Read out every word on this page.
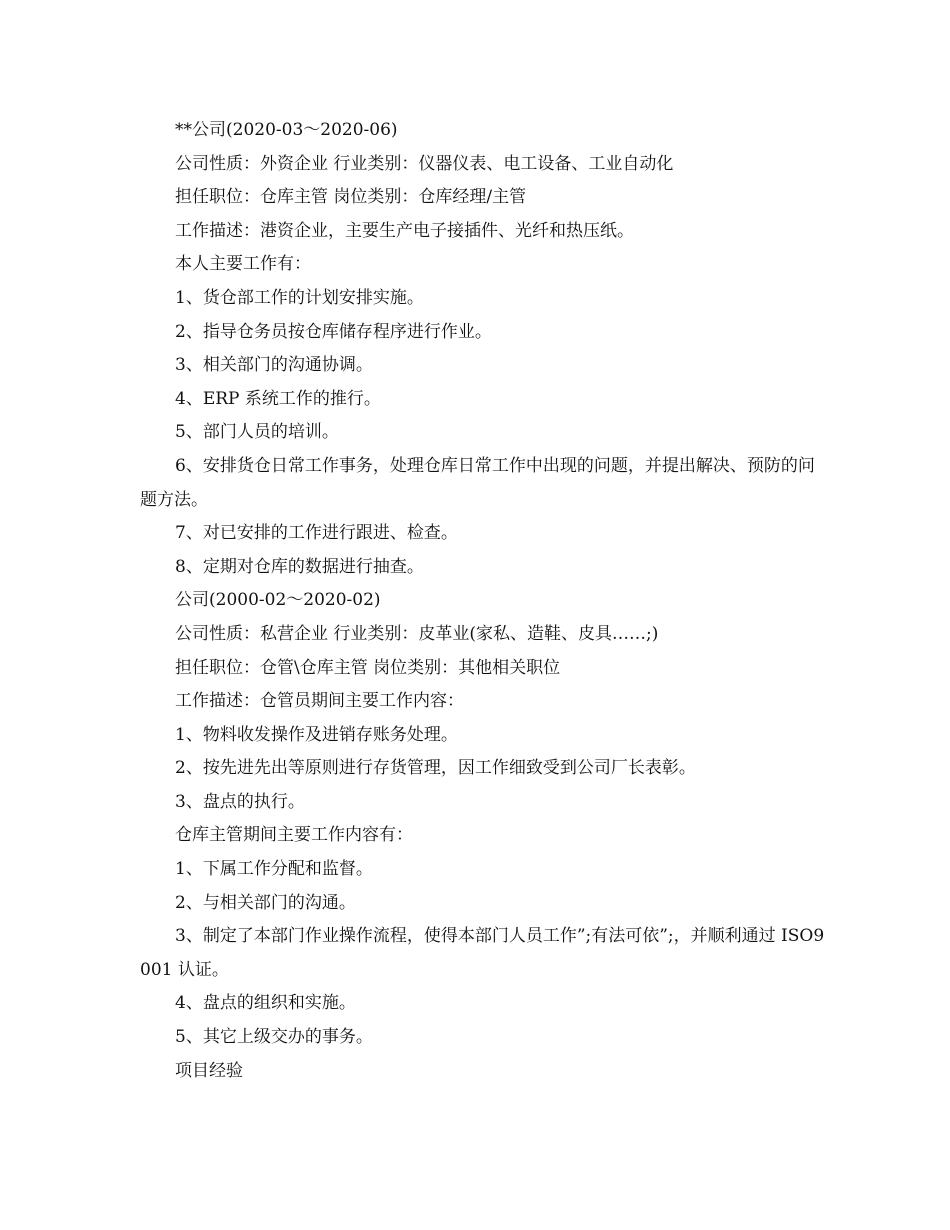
**公司(2020-03～2020-06)

公司性质：外资企业 行业类别：仪器仪表、电工设备、工业自动化

担任职位：仓库主管 岗位类别：仓库经理/主管

工作描述：港资企业，主要生产电子接插件、光纤和热压纸。

本人主要工作有：

1、货仓部工作的计划安排实施。

2、指导仓务员按仓库储存程序进行作业。

3、相关部门的沟通协调。

4、ERP 系统工作的推行。

5、部门人员的培训。

6、安排货仓日常工作事务，处理仓库日常工作中出现的问题，并提出解决、预防的问题方法。

7、对已安排的工作进行跟进、检查。

8、定期对仓库的数据进行抽查。

公司(2000-02～2020-02)

公司性质：私营企业 行业类别：皮革业(家私、造鞋、皮具……;)

担任职位：仓管\仓库主管 岗位类别：其他相关职位

工作描述：仓管员期间主要工作内容：

1、物料收发操作及进销存账务处理。

2、按先进先出等原则进行存货管理，因工作细致受到公司厂长表彰。

3、盘点的执行。

仓库主管期间主要工作内容有：

1、下属工作分配和监督。

2、与相关部门的沟通。

3、制定了本部门作业操作流程，使得本部门人员工作”;有法可依”;，并顺利通过 ISO9001 认证。

4、盘点的组织和实施。

5、其它上级交办的事务。

项目经验
